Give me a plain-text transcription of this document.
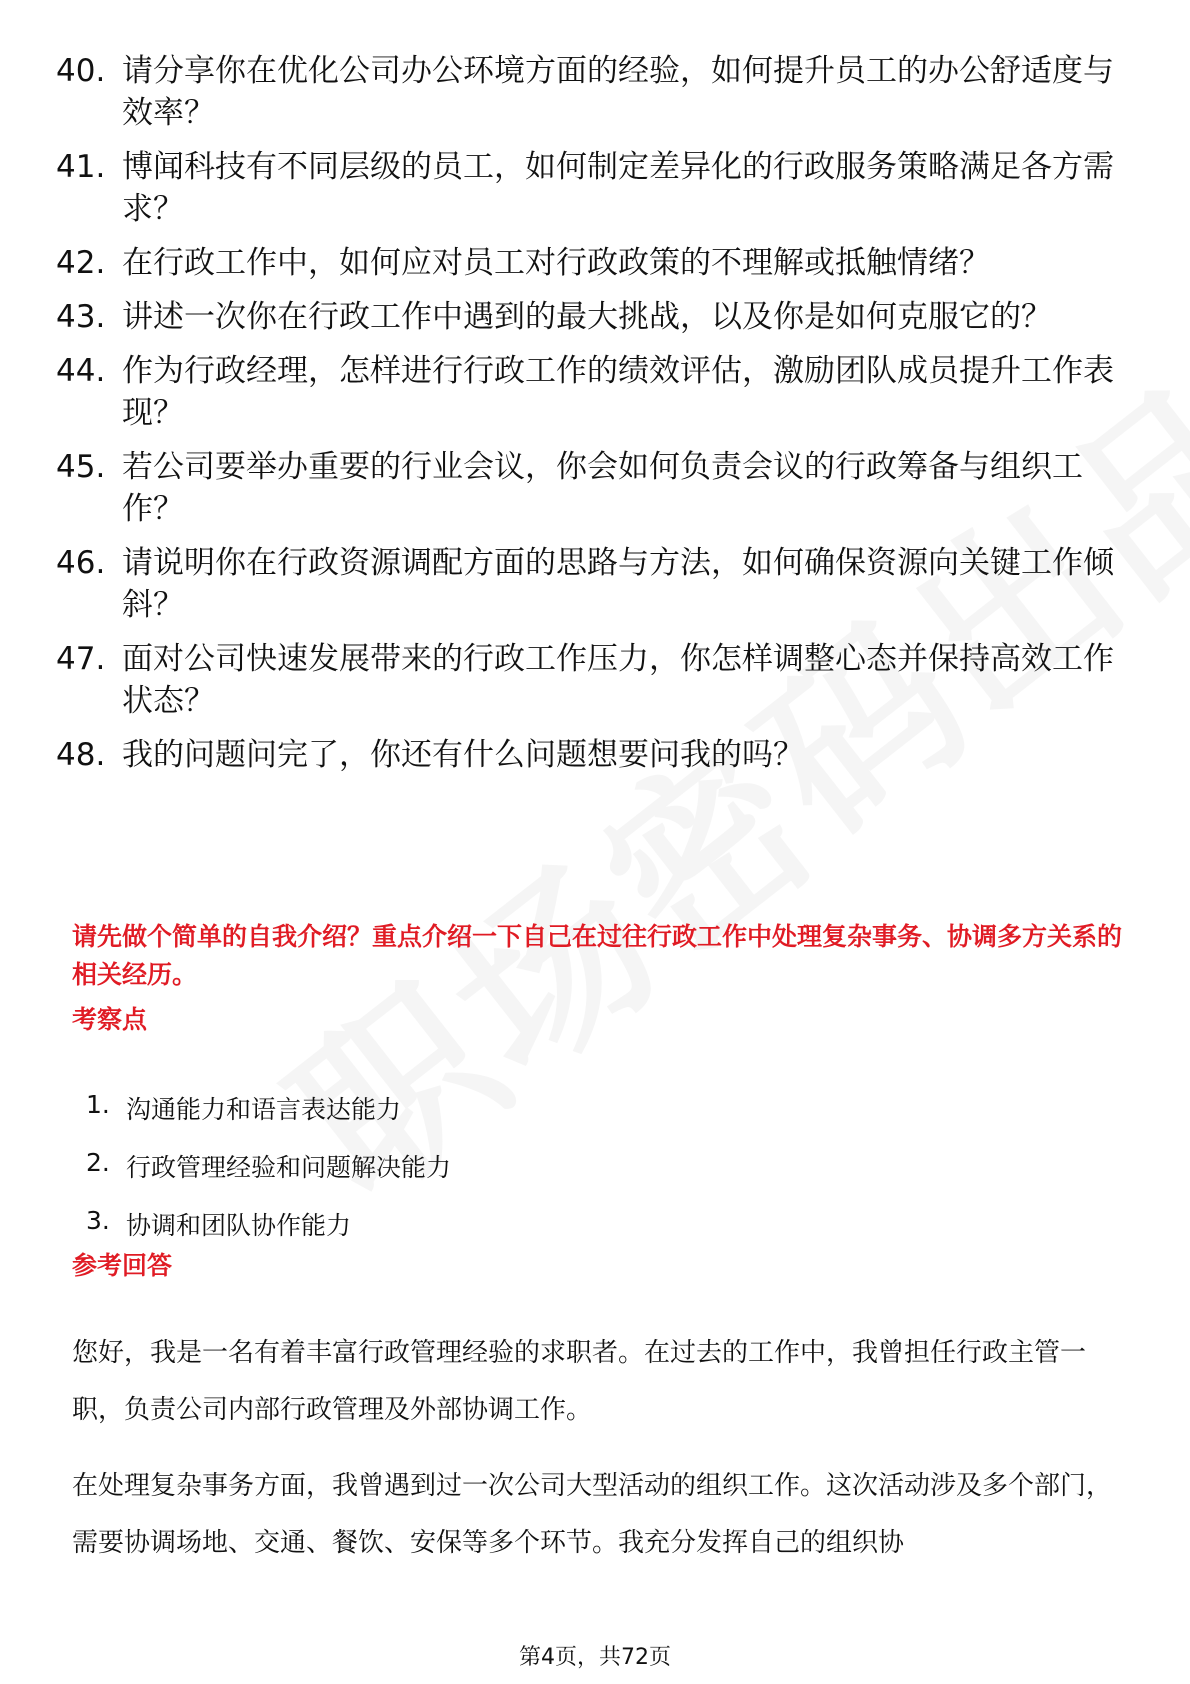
40. 请分享你在优化公司办公环境方面的经验，如何提升员工的办公舒适度与效率？
41. 博闻科技有不同层级的员工，如何制定差异化的行政服务策略满足各方需求？
42. 在行政工作中，如何应对员工对行政政策的不理解或抵触情绪？
43. 讲述一次你在行政工作中遇到的最大挑战，以及你是如何克服它的？
44. 作为行政经理，怎样进行行政工作的绩效评估，激励团队成员提升工作表现？
45. 若公司要举办重要的行业会议，你会如何负责会议的行政筹备与组织工作？
46. 请说明你在行政资源调配方面的思路与方法，如何确保资源向关键工作倾斜？
47. 面对公司快速发展带来的行政工作压力，你怎样调整心态并保持高效工作状态？
48. 我的问题问完了，你还有什么问题想要问我的吗？
请先做个简单的自我介绍？重点介绍一下自己在过往行政工作中处理复杂事务、协调多方关系的相关经历。
考察点
1. 沟通能力和语言表达能力
2. 行政管理经验和问题解决能力
3. 协调和团队协作能力
参考回答

您好，我是一名有着丰富行政管理经验的求职者。在过去的工作中，我曾担任行政主管一职，负责公司内部行政管理及外部协调工作。

在处理复杂事务方面，我曾遇到过一次公司大型活动的组织工作。这次活动涉及多个部门，需要协调场地、交通、餐饮、安保等多个环节。我充分发挥自己的组织协

第4页，共72页
